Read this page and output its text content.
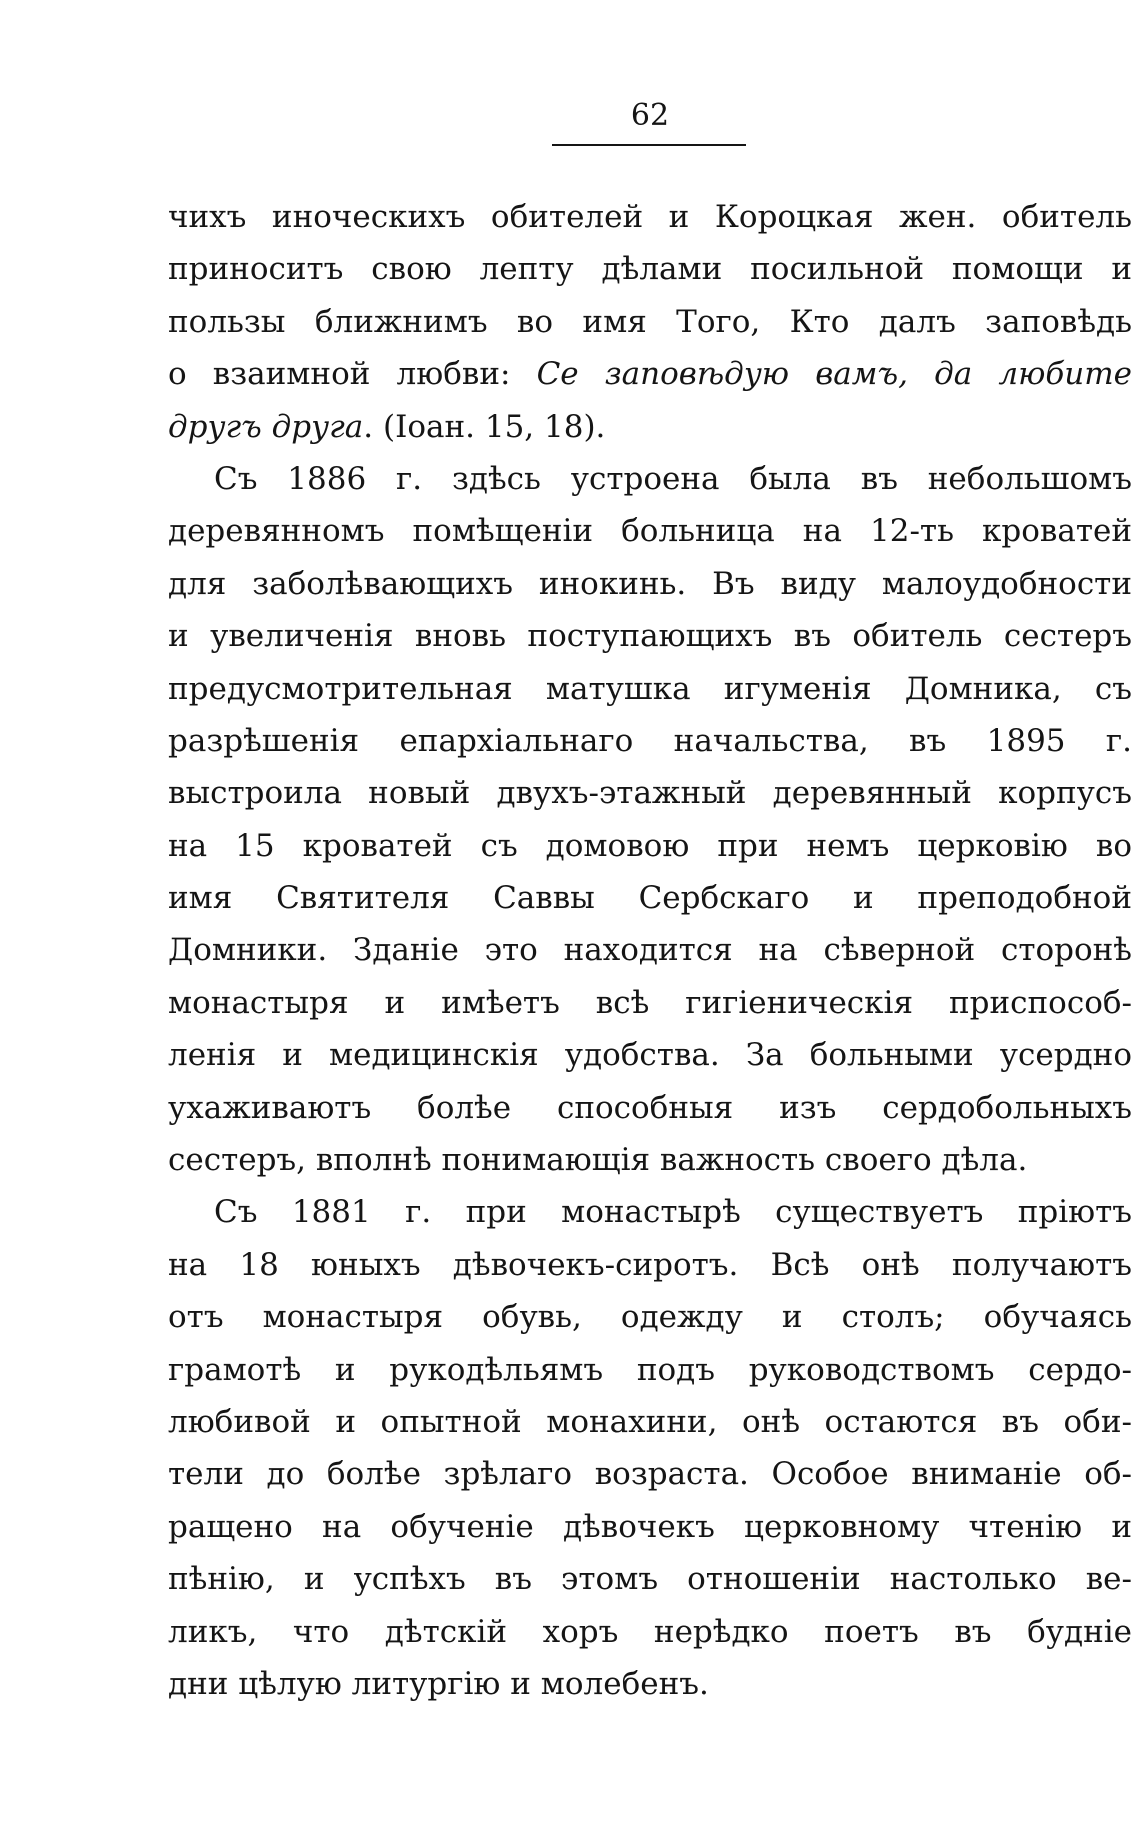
62
чихъ иноческихъ обителей и Короцкая жен. обитель
приноситъ свою лепту дѣлами посильной помощи и
пользы ближнимъ во имя Того, Кто далъ заповѣдь
о взаимной любви: Се заповѣдую вамъ, да любите
другъ друга. (Іоан. 15, 18).
Съ 1886 г. здѣсь устроена была въ небольшомъ
деревянномъ помѣщеніи больница на 12-ть кроватей
для заболѣвающихъ инокинь. Въ виду малоудобности
и увеличенія вновь поступающихъ въ обитель сестеръ
предусмотрительная матушка игуменія Домника, съ
разрѣшенія епархіальнаго начальства, въ 1895 г.
выстроила новый двухъ-этажный деревянный корпусъ
на 15 кроватей съ домовою при немъ церковію во
имя Святителя Саввы Сербскаго и преподобной
Домники. Зданіе это находится на сѣверной сторонѣ
монастыря и имѣетъ всѣ гигіеническія приспособ-
ленія и медицинскія удобства. За больными усердно
ухаживаютъ болѣе способныя изъ сердобольныхъ
сестеръ, вполнѣ понимающія важность своего дѣла.
Съ 1881 г. при монастырѣ существуетъ пріютъ
на 18 юныхъ дѣвочекъ-сиротъ. Всѣ онѣ получаютъ
отъ монастыря обувь, одежду и столъ; обучаясь
грамотѣ и рукодѣльямъ подъ руководствомъ сердо-
любивой и опытной монахини, онѣ остаются въ оби-
тели до болѣе зрѣлаго возраста. Особое вниманіе об-
ращено на обученіе дѣвочекъ церковному чтенію и
пѣнію, и успѣхъ въ этомъ отношеніи настолько ве-
ликъ, что дѣтскій хоръ нерѣдко поетъ въ будніе
дни цѣлую литургію и молебенъ.
